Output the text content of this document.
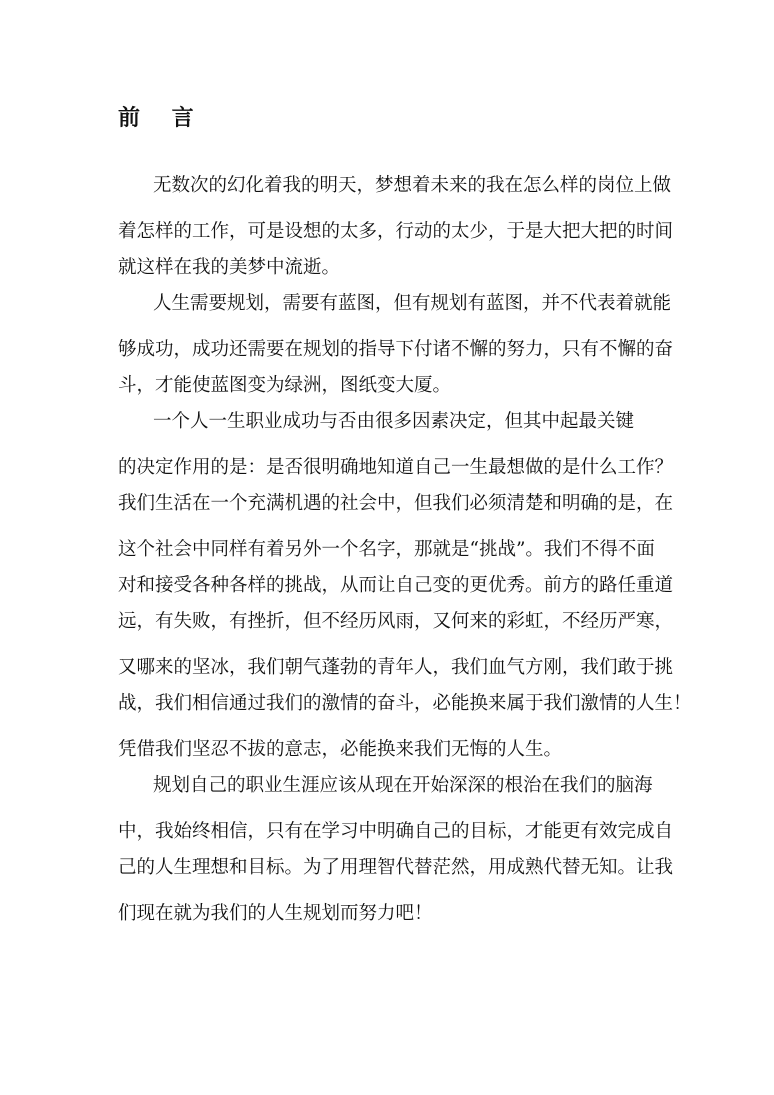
前 言

无数次的幻化着我的明天，梦想着未来的我在怎么样的岗位上做

着怎样的工作，可是设想的太多，行动的太少，于是大把大把的时间

就这样在我的美梦中流逝。

人生需要规划，需要有蓝图，但有规划有蓝图，并不代表着就能

够成功，成功还需要在规划的指导下付诸不懈的努力，只有不懈的奋

斗，才能使蓝图变为绿洲，图纸变大厦。

一个人一生职业成功与否由很多因素决定，但其中起最关键

的决定作用的是：是否很明确地知道自己一生最想做的是什么工作？

我们生活在一个充满机遇的社会中，但我们必须清楚和明确的是，在

这个社会中同样有着另外一个名字，那就是“挑战”。我们不得不面

对和接受各种各样的挑战，从而让自己变的更优秀。前方的路任重道

远，有失败，有挫折，但不经历风雨，又何来的彩虹，不经历严寒，

又哪来的坚冰，我们朝气蓬勃的青年人，我们血气方刚，我们敢于挑

战，我们相信通过我们的激情的奋斗，必能换来属于我们激情的人生！

凭借我们坚忍不拔的意志，必能换来我们无悔的人生。

规划自己的职业生涯应该从现在开始深深的根治在我们的脑海

中，我始终相信，只有在学习中明确自己的目标，才能更有效完成自

己的人生理想和目标。为了用理智代替茫然，用成熟代替无知。让我

们现在就为我们的人生规划而努力吧！
